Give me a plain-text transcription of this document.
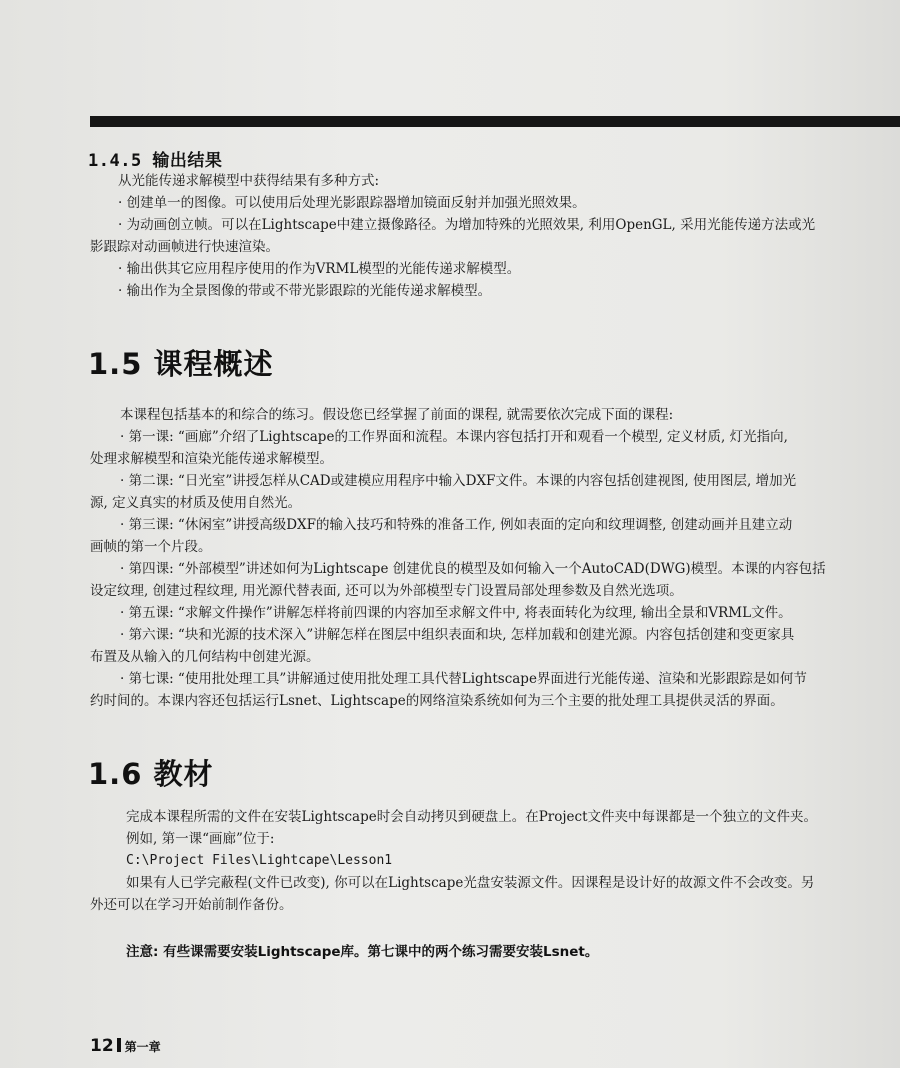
1.4.5 输出结果
从光能传递求解模型中获得结果有多种方式:
· 创建单一的图像。可以使用后处理光影跟踪器增加镜面反射并加强光照效果。
· 为动画创立帧。可以在Lightscape中建立摄像路径。为增加特殊的光照效果, 利用OpenGL, 采用光能传递方法或光
影跟踪对动画帧进行快速渲染。
· 输出供其它应用程序使用的作为VRML模型的光能传递求解模型。
· 输出作为全景图像的带或不带光影跟踪的光能传递求解模型。
1.5 课程概述
本课程包括基本的和综合的练习。假设您已经掌握了前面的课程, 就需要依次完成下面的课程:
· 第一课: “画廊”介绍了Lightscape的工作界面和流程。本课内容包括打开和观看一个模型, 定义材质, 灯光指向,
处理求解模型和渲染光能传递求解模型。
· 第二课: “日光室”讲授怎样从CAD或建模应用程序中输入DXF文件。本课的内容包括创建视图, 使用图层, 增加光
源, 定义真实的材质及使用自然光。
· 第三课: “休闲室”讲授高级DXF的输入技巧和特殊的准备工作, 例如表面的定向和纹理调整, 创建动画并且建立动
画帧的第一个片段。
· 第四课: “外部模型”讲述如何为Lightscape 创建优良的模型及如何输入一个AutoCAD(DWG)模型。本课的内容包括
设定纹理, 创建过程纹理, 用光源代替表面, 还可以为外部模型专门设置局部处理参数及自然光选项。
· 第五课: “求解文件操作”讲解怎样将前四课的内容加至求解文件中, 将表面转化为纹理, 输出全景和VRML文件。
· 第六课: “块和光源的技术深入”讲解怎样在图层中组织表面和块, 怎样加载和创建光源。内容包括创建和变更家具
布置及从输入的几何结构中创建光源。
· 第七课: “使用批处理工具”讲解通过使用批处理工具代替Lightscape界面进行光能传递、渲染和光影跟踪是如何节
约时间的。本课内容还包括运行Lsnet、Lightscape的网络渲染系统如何为三个主要的批处理工具提供灵活的界面。
1.6 教材
完成本课程所需的文件在安装Lightscape时会自动拷贝到硬盘上。在Project文件夹中每课都是一个独立的文件夹。
例如, 第一课“画廊”位于:
C:\Project Files\Lightcape\Lesson1
如果有人已学完蔽程(文件已改变), 你可以在Lightscape光盘安装源文件。因课程是设计好的故源文件不会改变。另
外还可以在学习开始前制作备份。
注意: 有些课需要安装Lightscape库。第七课中的两个练习需要安装Lsnet。
12 第一章
